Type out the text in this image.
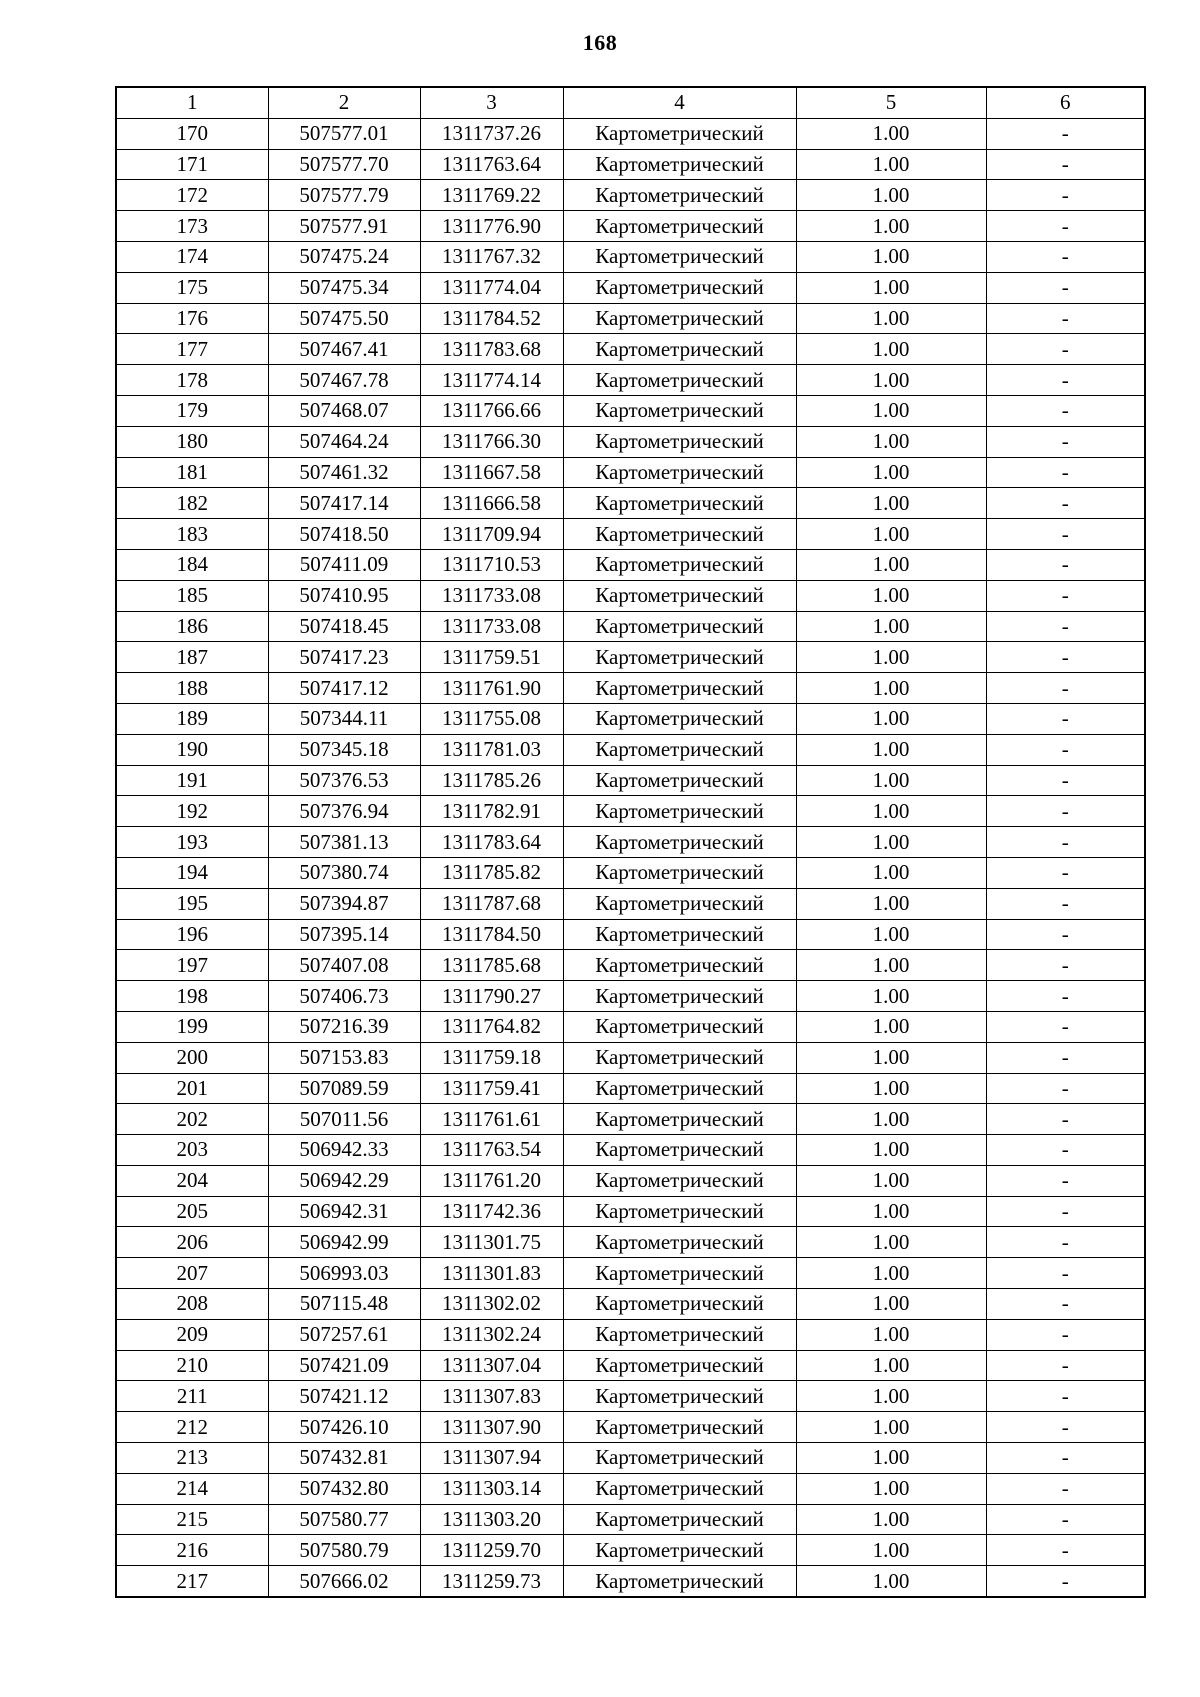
168
1	2	3	4	5	6
170	507577.01	1311737.26	Картометрический	1.00	-
171	507577.70	1311763.64	Картометрический	1.00	-
172	507577.79	1311769.22	Картометрический	1.00	-
173	507577.91	1311776.90	Картометрический	1.00	-
174	507475.24	1311767.32	Картометрический	1.00	-
175	507475.34	1311774.04	Картометрический	1.00	-
176	507475.50	1311784.52	Картометрический	1.00	-
177	507467.41	1311783.68	Картометрический	1.00	-
178	507467.78	1311774.14	Картометрический	1.00	-
179	507468.07	1311766.66	Картометрический	1.00	-
180	507464.24	1311766.30	Картометрический	1.00	-
181	507461.32	1311667.58	Картометрический	1.00	-
182	507417.14	1311666.58	Картометрический	1.00	-
183	507418.50	1311709.94	Картометрический	1.00	-
184	507411.09	1311710.53	Картометрический	1.00	-
185	507410.95	1311733.08	Картометрический	1.00	-
186	507418.45	1311733.08	Картометрический	1.00	-
187	507417.23	1311759.51	Картометрический	1.00	-
188	507417.12	1311761.90	Картометрический	1.00	-
189	507344.11	1311755.08	Картометрический	1.00	-
190	507345.18	1311781.03	Картометрический	1.00	-
191	507376.53	1311785.26	Картометрический	1.00	-
192	507376.94	1311782.91	Картометрический	1.00	-
193	507381.13	1311783.64	Картометрический	1.00	-
194	507380.74	1311785.82	Картометрический	1.00	-
195	507394.87	1311787.68	Картометрический	1.00	-
196	507395.14	1311784.50	Картометрический	1.00	-
197	507407.08	1311785.68	Картометрический	1.00	-
198	507406.73	1311790.27	Картометрический	1.00	-
199	507216.39	1311764.82	Картометрический	1.00	-
200	507153.83	1311759.18	Картометрический	1.00	-
201	507089.59	1311759.41	Картометрический	1.00	-
202	507011.56	1311761.61	Картометрический	1.00	-
203	506942.33	1311763.54	Картометрический	1.00	-
204	506942.29	1311761.20	Картометрический	1.00	-
205	506942.31	1311742.36	Картометрический	1.00	-
206	506942.99	1311301.75	Картометрический	1.00	-
207	506993.03	1311301.83	Картометрический	1.00	-
208	507115.48	1311302.02	Картометрический	1.00	-
209	507257.61	1311302.24	Картометрический	1.00	-
210	507421.09	1311307.04	Картометрический	1.00	-
211	507421.12	1311307.83	Картометрический	1.00	-
212	507426.10	1311307.90	Картометрический	1.00	-
213	507432.81	1311307.94	Картометрический	1.00	-
214	507432.80	1311303.14	Картометрический	1.00	-
215	507580.77	1311303.20	Картометрический	1.00	-
216	507580.79	1311259.70	Картометрический	1.00	-
217	507666.02	1311259.73	Картометрический	1.00	-
